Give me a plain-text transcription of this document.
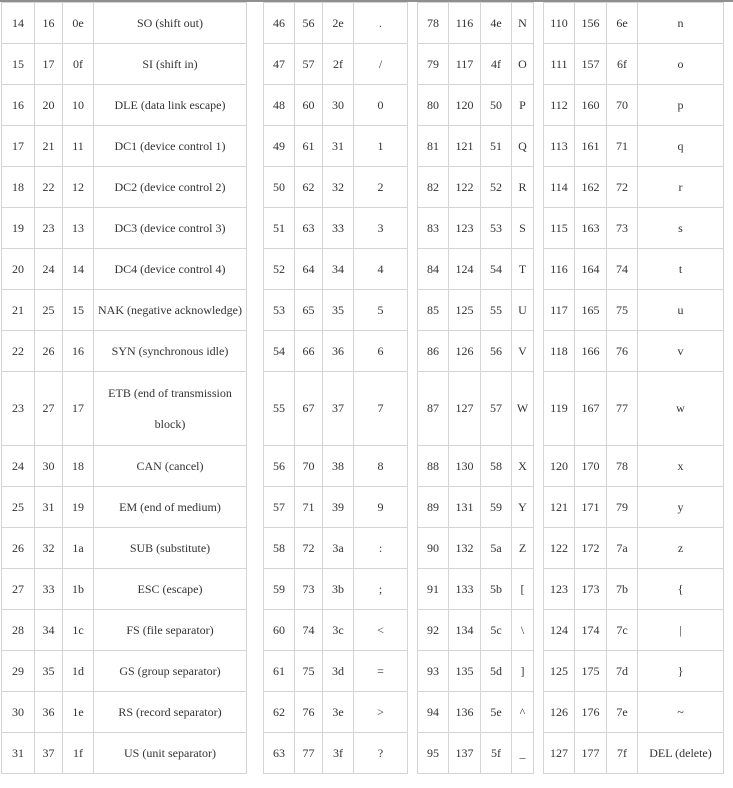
14	16	0e	SO (shift out)		46	56	2e	.		78	116	4e	N		110	156	6e	n
15	17	0f	SI (shift in)		47	57	2f	/		79	117	4f	O		111	157	6f	o
16	20	10	DLE (data link escape)		48	60	30	0		80	120	50	P		112	160	70	p
17	21	11	DC1 (device control 1)		49	61	31	1		81	121	51	Q		113	161	71	q
18	22	12	DC2 (device control 2)		50	62	32	2		82	122	52	R		114	162	72	r
19	23	13	DC3 (device control 3)		51	63	33	3		83	123	53	S		115	163	73	s
20	24	14	DC4 (device control 4)		52	64	34	4		84	124	54	T		116	164	74	t
21	25	15	NAK (negative acknowledge)		53	65	35	5		85	125	55	U		117	165	75	u
22	26	16	SYN (synchronous idle)		54	66	36	6		86	126	56	V		118	166	76	v
23	27	17	ETB (end of transmission block)		55	67	37	7		87	127	57	W		119	167	77	w
24	30	18	CAN (cancel)		56	70	38	8		88	130	58	X		120	170	78	x
25	31	19	EM (end of medium)		57	71	39	9		89	131	59	Y		121	171	79	y
26	32	1a	SUB (substitute)		58	72	3a	:		90	132	5a	Z		122	172	7a	z
27	33	1b	ESC (escape)		59	73	3b	;		91	133	5b	[		123	173	7b	{
28	34	1c	FS (file separator)		60	74	3c	<		92	134	5c	\		124	174	7c	|
29	35	1d	GS (group separator)		61	75	3d	=		93	135	5d	]		125	175	7d	}
30	36	1e	RS (record separator)		62	76	3e	>		94	136	5e	^		126	176	7e	~
31	37	1f	US (unit separator)		63	77	3f	?		95	137	5f	_		127	177	7f	DEL (delete)
